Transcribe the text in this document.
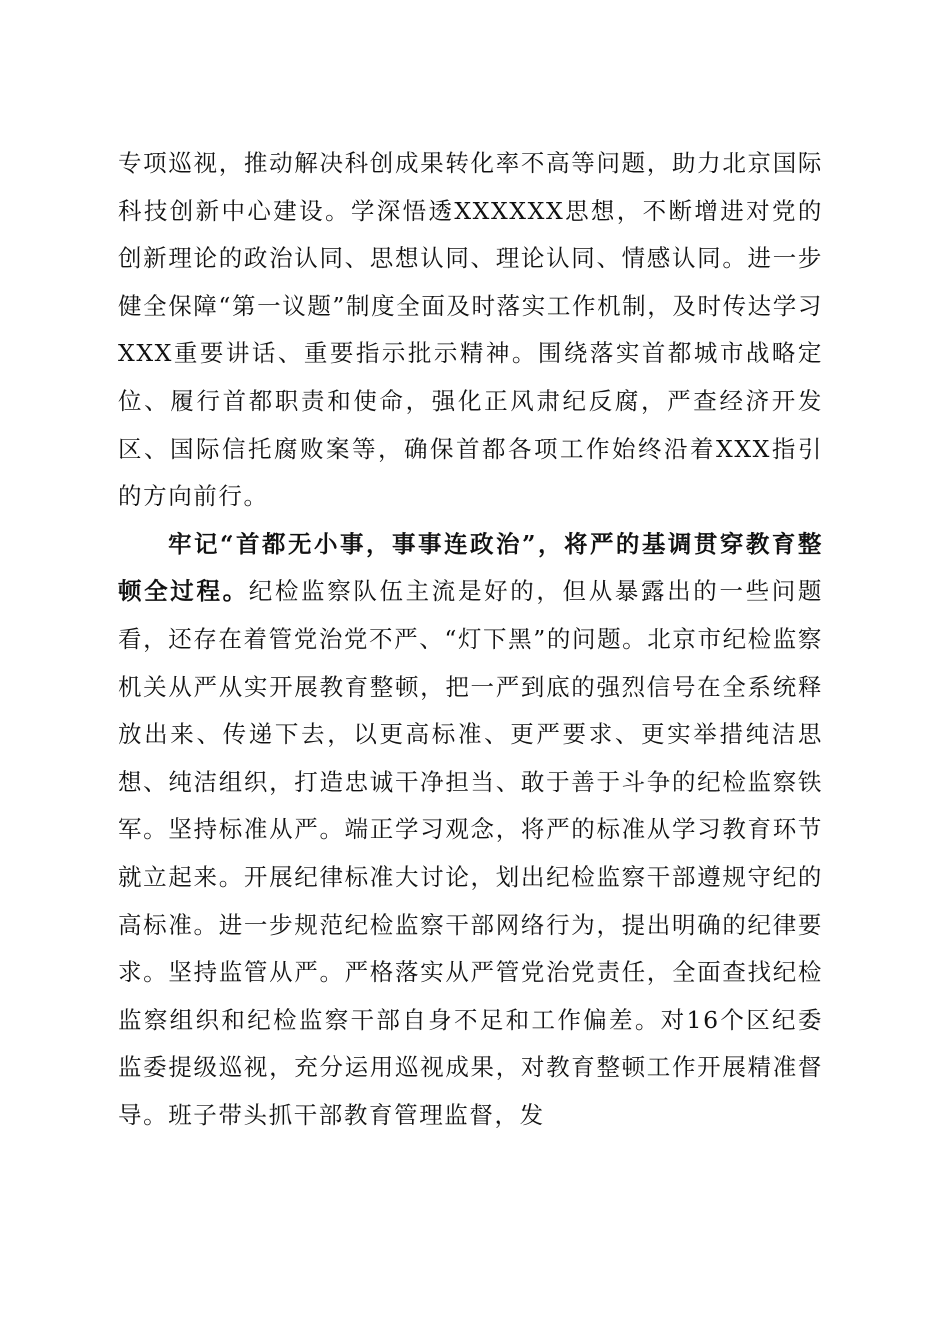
专项巡视，推动解决科创成果转化率不高等问题，助力北京国际科技创新中心建设。学深悟透XXXXXX思想，不断增进对党的创新理论的政治认同、思想认同、理论认同、情感认同。进一步健全保障“第一议题”制度全面及时落实工作机制，及时传达学习XXX重要讲话、重要指示批示精神。围绕落实首都城市战略定位、履行首都职责和使命，强化正风肃纪反腐，严查经济开发区、国际信托腐败案等，确保首都各项工作始终沿着XXX指引的方向前行。

牢记“首都无小事，事事连政治”，将严的基调贯穿教育整顿全过程。纪检监察队伍主流是好的，但从暴露出的一些问题看，还存在着管党治党不严、“灯下黑”的问题。北京市纪检监察机关从严从实开展教育整顿，把一严到底的强烈信号在全系统释放出来、传递下去，以更高标准、更严要求、更实举措纯洁思想、纯洁组织，打造忠诚干净担当、敢于善于斗争的纪检监察铁军。坚持标准从严。端正学习观念，将严的标准从学习教育环节就立起来。开展纪律标准大讨论，划出纪检监察干部遵规守纪的高标准。进一步规范纪检监察干部网络行为，提出明确的纪律要求。坚持监管从严。严格落实从严管党治党责任，全面查找纪检监察组织和纪检监察干部自身不足和工作偏差。对16个区纪委监委提级巡视，充分运用巡视成果，对教育整顿工作开展精准督导。班子带头抓干部教育管理监督，发
